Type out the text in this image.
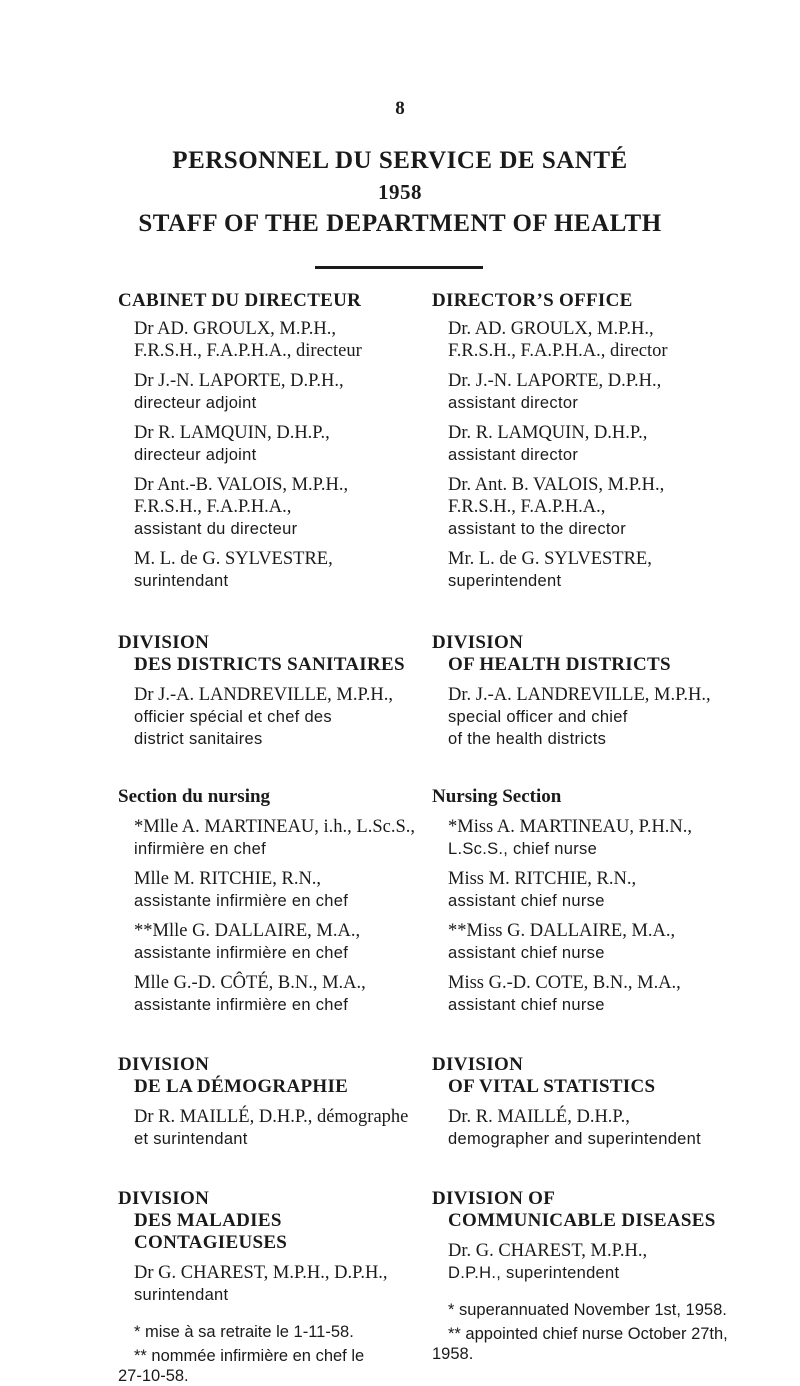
8
PERSONNEL DU SERVICE DE SANTÉ
1958
STAFF OF THE DEPARTMENT OF HEALTH
CABINET DU DIRECTEUR
Dr AD. GROULX, M.P.H.,
F.R.S.H., F.A.P.H.A., directeur
Dr J.-N. LAPORTE, D.P.H.,
directeur adjoint
Dr R. LAMQUIN, D.H.P.,
directeur adjoint
Dr Ant.-B. VALOIS, M.P.H.,
F.R.S.H., F.A.P.H.A.,
assistant du directeur
M. L. de G. SYLVESTRE,
surintendant
DIVISION
DES DISTRICTS SANITAIRES
Dr J.-A. LANDREVILLE, M.P.H.,
officier spécial et chef des
district sanitaires
Section du nursing
*Mlle A. MARTINEAU, i.h., L.Sc.S.,
infirmière en chef
Mlle M. RITCHIE, R.N.,
assistante infirmière en chef
**Mlle G. DALLAIRE, M.A.,
assistante infirmière en chef
Mlle G.-D. CÔTÉ, B.N., M.A.,
assistante infirmière en chef
DIVISION
DE LA DÉMOGRAPHIE
Dr R. MAILLÉ, D.H.P., démographe
et surintendant
DIVISION
DES MALADIES CONTAGIEUSES
Dr G. CHAREST, M.P.H., D.P.H.,
surintendant
* mise à sa retraite le 1-11-58.
** nommée infirmière en chef le
27-10-58.
DIRECTOR’S OFFICE
Dr. AD. GROULX, M.P.H.,
F.R.S.H., F.A.P.H.A., director
Dr. J.-N. LAPORTE, D.P.H.,
assistant director
Dr. R. LAMQUIN, D.H.P.,
assistant director
Dr. Ant. B. VALOIS, M.P.H.,
F.R.S.H., F.A.P.H.A.,
assistant to the director
Mr. L. de G. SYLVESTRE,
superintendent
DIVISION
OF HEALTH DISTRICTS
Dr. J.-A. LANDREVILLE, M.P.H.,
special officer and chief
of the health districts
Nursing Section
*Miss A. MARTINEAU, P.H.N.,
L.Sc.S., chief nurse
Miss M. RITCHIE, R.N.,
assistant chief nurse
**Miss G. DALLAIRE, M.A.,
assistant chief nurse
Miss G.-D. COTE, B.N., M.A.,
assistant chief nurse
DIVISION
OF VITAL STATISTICS
Dr. R. MAILLÉ, D.H.P.,
demographer and superintendent
DIVISION OF
COMMUNICABLE DISEASES
Dr. G. CHAREST, M.P.H.,
D.P.H., superintendent
* superannuated November 1st, 1958.
** appointed chief nurse October 27th,
1958.
